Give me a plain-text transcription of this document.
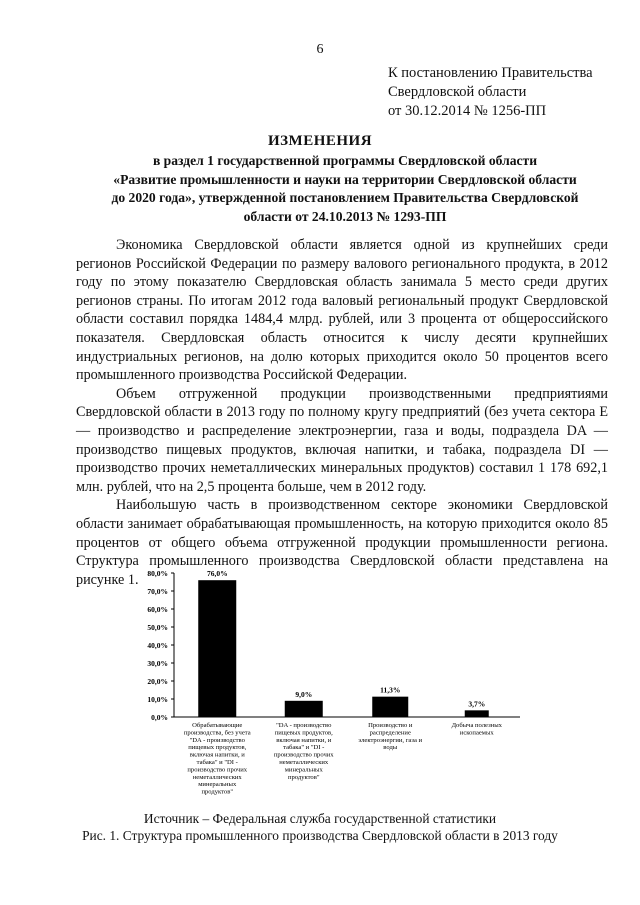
6
К постановлению Правительства
Свердловской области
от 30.12.2014 № 1256-ПП
ИЗМЕНЕНИЯ
в раздел 1 государственной программы Свердловской области
«Развитие промышленности и науки на территории Свердловской области
до 2020 года», утвержденной постановлением Правительства Свердловской
области от 24.10.2013 № 1293-ПП

Экономика Свердловской области является одной из крупнейших среди регионов Российской Федерации по размеру валового регионального продукта, в 2012 году по этому показателю Свердловская область занимала 5 место среди других регионов страны. По итогам 2012 года валовый региональный продукт Свердловской области составил порядка 1484,4 млрд. рублей, или 3 процента от общероссийского показателя. Свердловская область относится к числу десяти крупнейших индустриальных регионов, на долю которых приходится около 50 процентов всего промышленного производства Российской Федерации.

Объем отгруженной продукции производственными предприятиями Свердловской области в 2013 году по полному кругу предприятий (без учета сектора E — производство и распределение электроэнергии, газа и воды, подраздела DA — производство пищевых продуктов, включая напитки, и табака, подраздела DI — производство прочих неметаллических минеральных продуктов) составил 1 178 692,1 млн. рублей, что на 2,5 процента больше, чем в 2012 году.

Наибольшую часть в производственном секторе экономики Свердловской области занимает обрабатывающая промышленность, на которую приходится около 85 процентов от общего объема отгруженной продукции промышленности региона. Структура промышленного производства Свердловской области представлена на рисунке 1.

0,0%
10,0%
20,0%
30,0%
40,0%
50,0%
60,0%
70,0%
80,0%	76,0%
Обрабатывающие производства, без учета "DA - производство пищевых продуктов, включая напитки, и табака" и "DI -производство прочих неметаллических минеральных продуктов"
9,0%
"DA - производство пищевых продуктов, включая напитки, и табака" и "DI -производство прочих неметаллических минеральных продуктов"
11,3%
Производство и распределение электроэнергии, газа и воды
3,7%
Добыча полезных ископаемых
Источник – Федеральная служба государственной статистики
Рис. 1. Структура промышленного производства Свердловской области в 2013 году
